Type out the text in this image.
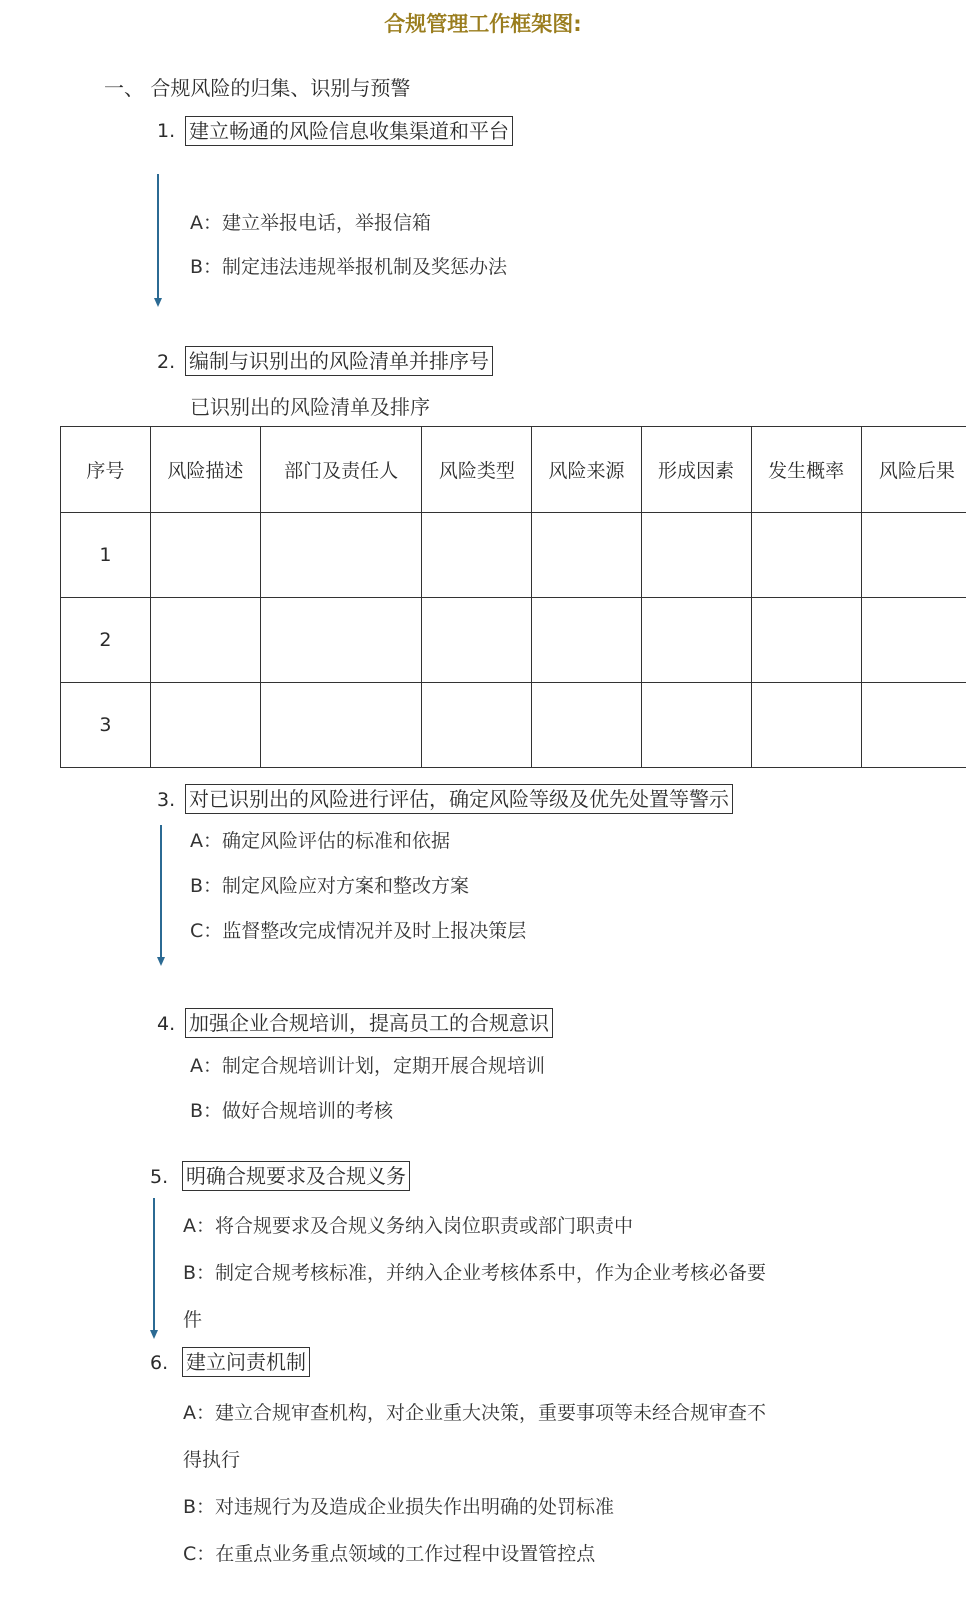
合规管理工作框架图:
一、 合规风险的归集、识别与预警
1. 建立畅通的风险信息收集渠道和平台
A：建立举报电话，举报信箱
B：制定违法违规举报机制及奖惩办法
2. 编制与识别出的风险清单并排序号
已识别出的风险清单及排序
序号	风险描述	部门及责任人	风险类型	风险来源	形成因素	发生概率	风险后果
1							
2							
3							
3. 对已识别出的风险进行评估，确定风险等级及优先处置等警示
A：确定风险评估的标准和依据
B：制定风险应对方案和整改方案
C：监督整改完成情况并及时上报决策层
4. 加强企业合规培训，提高员工的合规意识
A：制定合规培训计划，定期开展合规培训
B：做好合规培训的考核
5. 明确合规要求及合规义务
A：将合规要求及合规义务纳入岗位职责或部门职责中
B：制定合规考核标准，并纳入企业考核体系中，作为企业考核必备要
件
6. 建立问责机制
A：建立合规审查机构，对企业重大决策，重要事项等未经合规审查不
得执行
B：对违规行为及造成企业损失作出明确的处罚标准
C：在重点业务重点领域的工作过程中设置管控点
